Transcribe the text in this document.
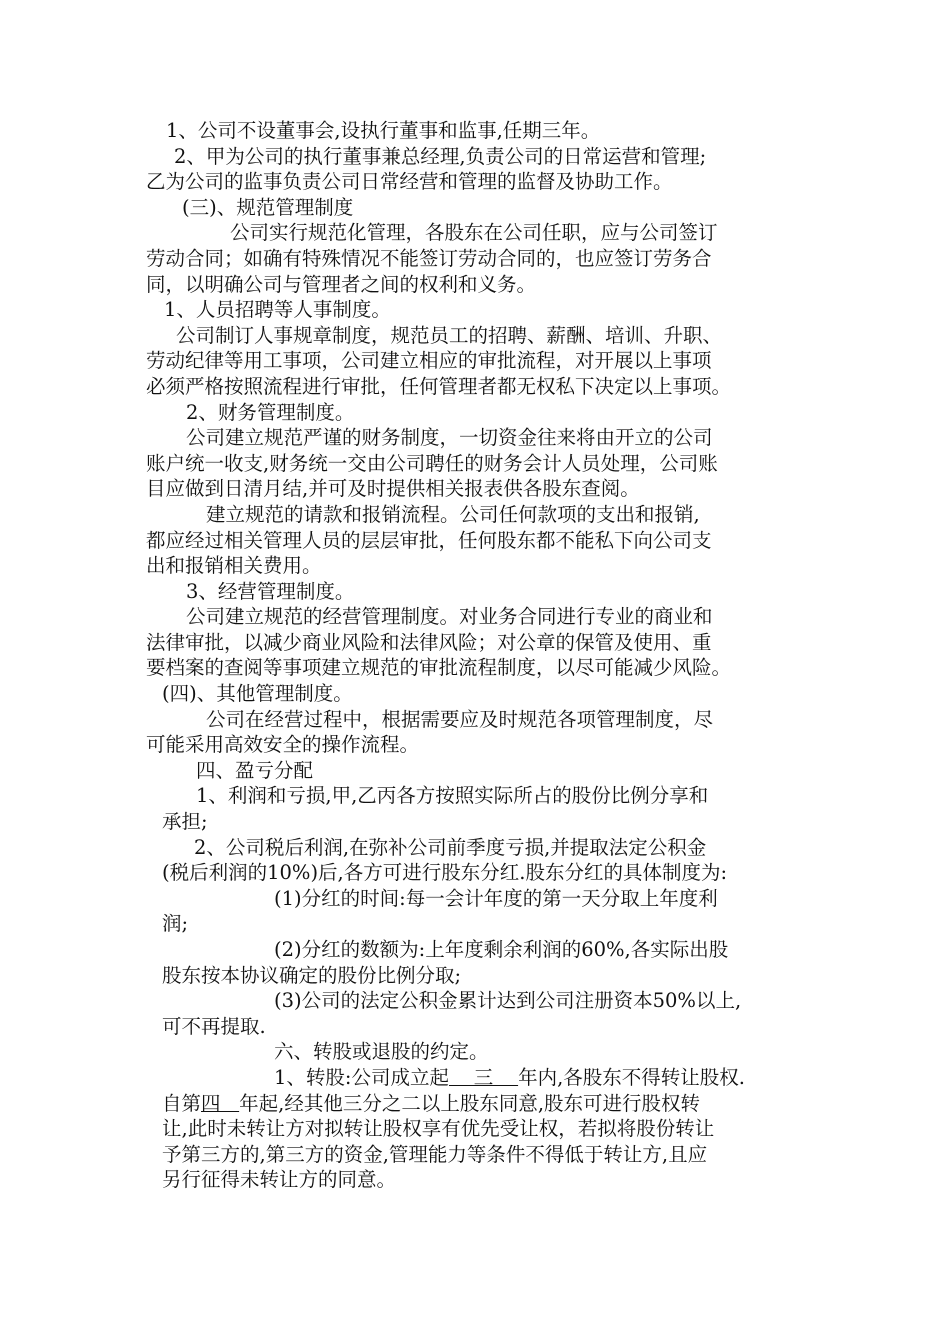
1、公司不设董事会,设执行董事和监事,任期三年。

2、甲为公司的执行董事兼总经理,负责公司的日常运营和管理;

乙为公司的监事负责公司日常经营和管理的监督及协助工作。

(三)、规范管理制度

公司实行规范化管理，各股东在公司任职，应与公司签订

劳动合同；如确有特殊情况不能签订劳动合同的，也应签订劳务合

同，以明确公司与管理者之间的权利和义务。

1、人员招聘等人事制度。

公司制订人事规章制度，规范员工的招聘、薪酬、培训、升职、

劳动纪律等用工事项，公司建立相应的审批流程，对开展以上事项

必须严格按照流程进行审批，任何管理者都无权私下决定以上事项。

2、财务管理制度。

公司建立规范严谨的财务制度，一切资金往来将由开立的公司

账户统一收支,财务统一交由公司聘任的财务会计人员处理，公司账

目应做到日清月结,并可及时提供相关报表供各股东查阅。

建立规范的请款和报销流程。公司任何款项的支出和报销,

都应经过相关管理人员的层层审批，任何股东都不能私下向公司支

出和报销相关费用。

3、经营管理制度。

公司建立规范的经营管理制度。对业务合同进行专业的商业和

法律审批，以减少商业风险和法律风险；对公章的保管及使用、重

要档案的查阅等事项建立规范的审批流程制度，以尽可能减少风险。

(四)、其他管理制度。

公司在经营过程中，根据需要应及时规范各项管理制度，尽

可能采用高效安全的操作流程。

四、盈亏分配

1、利润和亏损,甲,乙丙各方按照实际所占的股份比例分享和

承担;

2、公司税后利润,在弥补公司前季度亏损,并提取法定公积金

(税后利润的10%)后,各方可进行股东分红.股东分红的具体制度为:

(1)分红的时间:每一会计年度的第一天分取上年度利

润;

(2)分红的数额为:上年度剩余利润的60%,各实际出股

股东按本协议确定的股份比例分取;

(3)公司的法定公积金累计达到公司注册资本50%以上,

可不再提取.

六、转股或退股的约定。

1、转股:公司成立起    三    年内,各股东不得转让股权.

自第四   年起,经其他三分之二以上股东同意,股东可进行股权转

让,此时未转让方对拟转让股权享有优先受让权，若拟将股份转让

予第三方的,第三方的资金,管理能力等条件不得低于转让方,且应

另行征得未转让方的同意。
